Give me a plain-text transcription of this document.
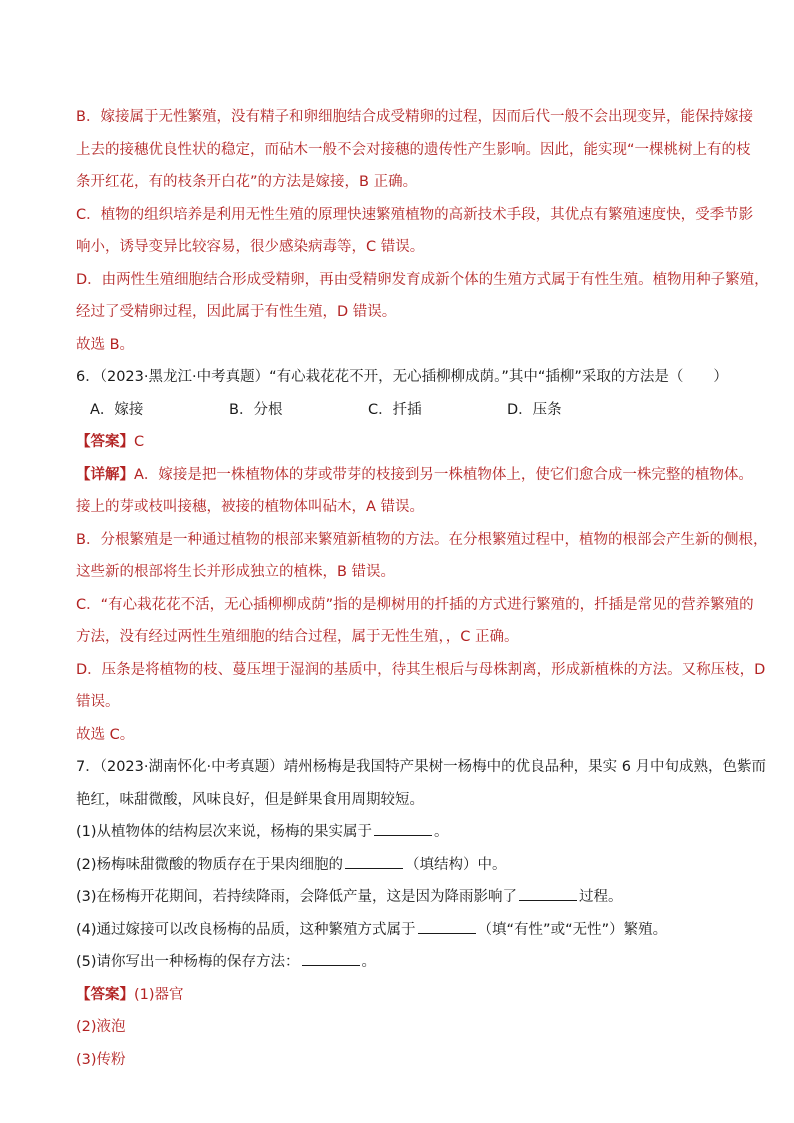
B．嫁接属于无性繁殖，没有精子和卵细胞结合成受精卵的过程，因而后代一般不会出现变异，能保持嫁接
上去的接穗优良性状的稳定，而砧木一般不会对接穗的遗传性产生影响。因此，能实现“一棵桃树上有的枝
条开红花，有的枝条开白花”的方法是嫁接，B 正确。
C．植物的组织培养是利用无性生殖的原理快速繁殖植物的高新技术手段，其优点有繁殖速度快，受季节影
响小，诱导变异比较容易，很少感染病毒等，C 错误。
D．由两性生殖细胞结合形成受精卵，再由受精卵发育成新个体的生殖方式属于有性生殖。植物用种子繁殖，
经过了受精卵过程，因此属于有性生殖，D 错误。
故选 B。
6．（2023·黑龙江·中考真题）“有心栽花花不开，无心插柳柳成荫。”其中“插柳”采取的方法是（ ）
A．嫁接	B．分根	C．扦插	D．压条
【答案】C
【详解】A．嫁接是把一株植物体的芽或带芽的枝接到另一株植物体上，使它们愈合成一株完整的植物体。
接上的芽或枝叫接穗，被接的植物体叫砧木，A 错误。
B．分根繁殖是一种通过植物的根部来繁殖新植物的方法。在分根繁殖过程中，植物的根部会产生新的侧根，
这些新的根部将生长并形成独立的植株，B 错误。
C．“有心栽花花不活，无心插柳柳成荫”指的是柳树用的扦插的方式进行繁殖的，扦插是常见的营养繁殖的
方法，没有经过两性生殖细胞的结合过程，属于无性生殖，，C 正确。
D．压条是将植物的枝、蔓压埋于湿润的基质中，待其生根后与母株割离，形成新植株的方法。又称压枝，D
错误。
故选 C。
7．（2023·湖南怀化·中考真题）靖州杨梅是我国特产果树一杨梅中的优良品种，果实 6 月中旬成熟，色紫而
艳红，味甜微酸，风味良好，但是鲜果食用周期较短。
(1)从植物体的结构层次来说，杨梅的果实属于	。
(2)杨梅味甜微酸的物质存在于果肉细胞的	（填结构）中。
(3)在杨梅开花期间，若持续降雨，会降低产量，这是因为降雨影响了	过程。
(4)通过嫁接可以改良杨梅的品质，这种繁殖方式属于	（填“有性”或“无性”）繁殖。
(5)请你写出一种杨梅的保存方法：	。
【答案】(1)器官
(2)液泡
(3)传粉
